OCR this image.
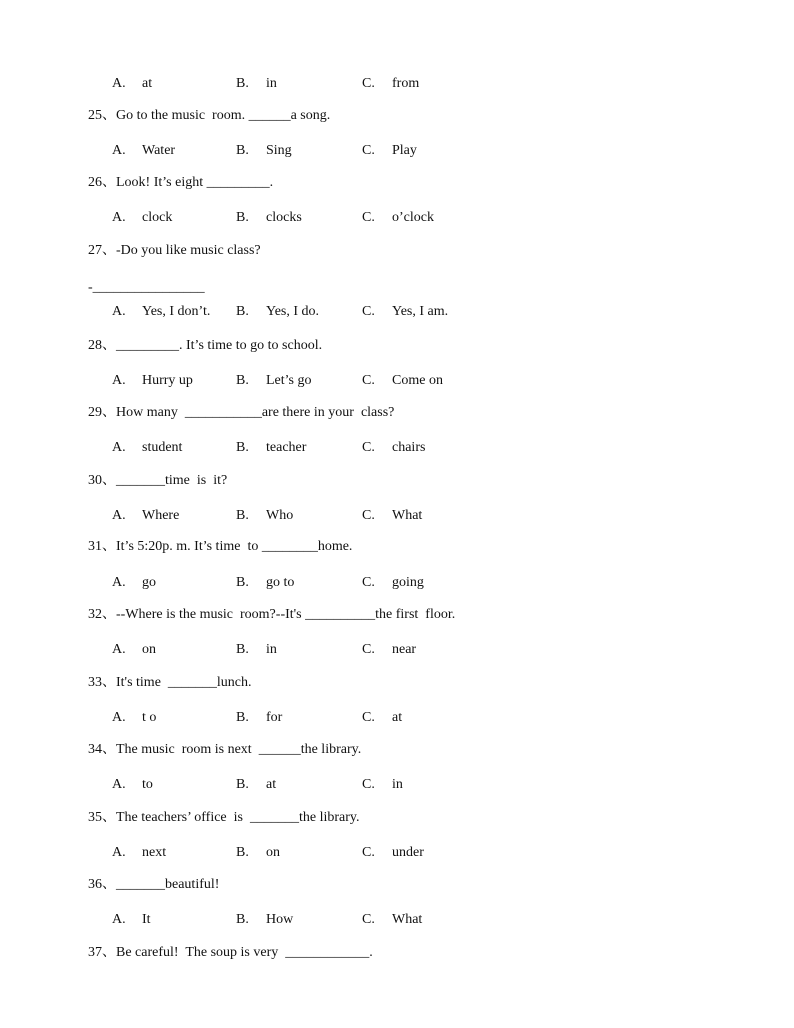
A. at	B. in	C. from
25、Go to the music  room. ______a song.
A. Water	B. Sing	C. Play
26、Look! It’s eight _________.
A. clock	B. clocks	C. o’clock
27、-Do you like music class?
-________________
A. Yes, I don’t. B. Yes, I do.	C. Yes, I am.
28、_________. It’s time to go to school.
A. Hurry up	B. Let’s go	C. Come on
29、How many  ___________are there in your  class?
A. student	B. teacher	C. chairs
30、_______time  is  it?
A. Where	B. Who	C. What
31、It’s 5:20p. m. It’s time  to ________home.
A. go	B. go to	C. going
32、--Where is the music  room?--It's __________the first  floor.
A. on	B. in	C. near
33、It's time  _______lunch.
A. t o	B. for	C. at
34、The music  room is next  ______the library.
A. to	B. at	C. in
35、The teachers’ office  is  _______the library.
A. next	B. on	C. under
36、_______beautiful!
A. It	B. How	C. What
37、Be careful!  The soup is very  ____________.
